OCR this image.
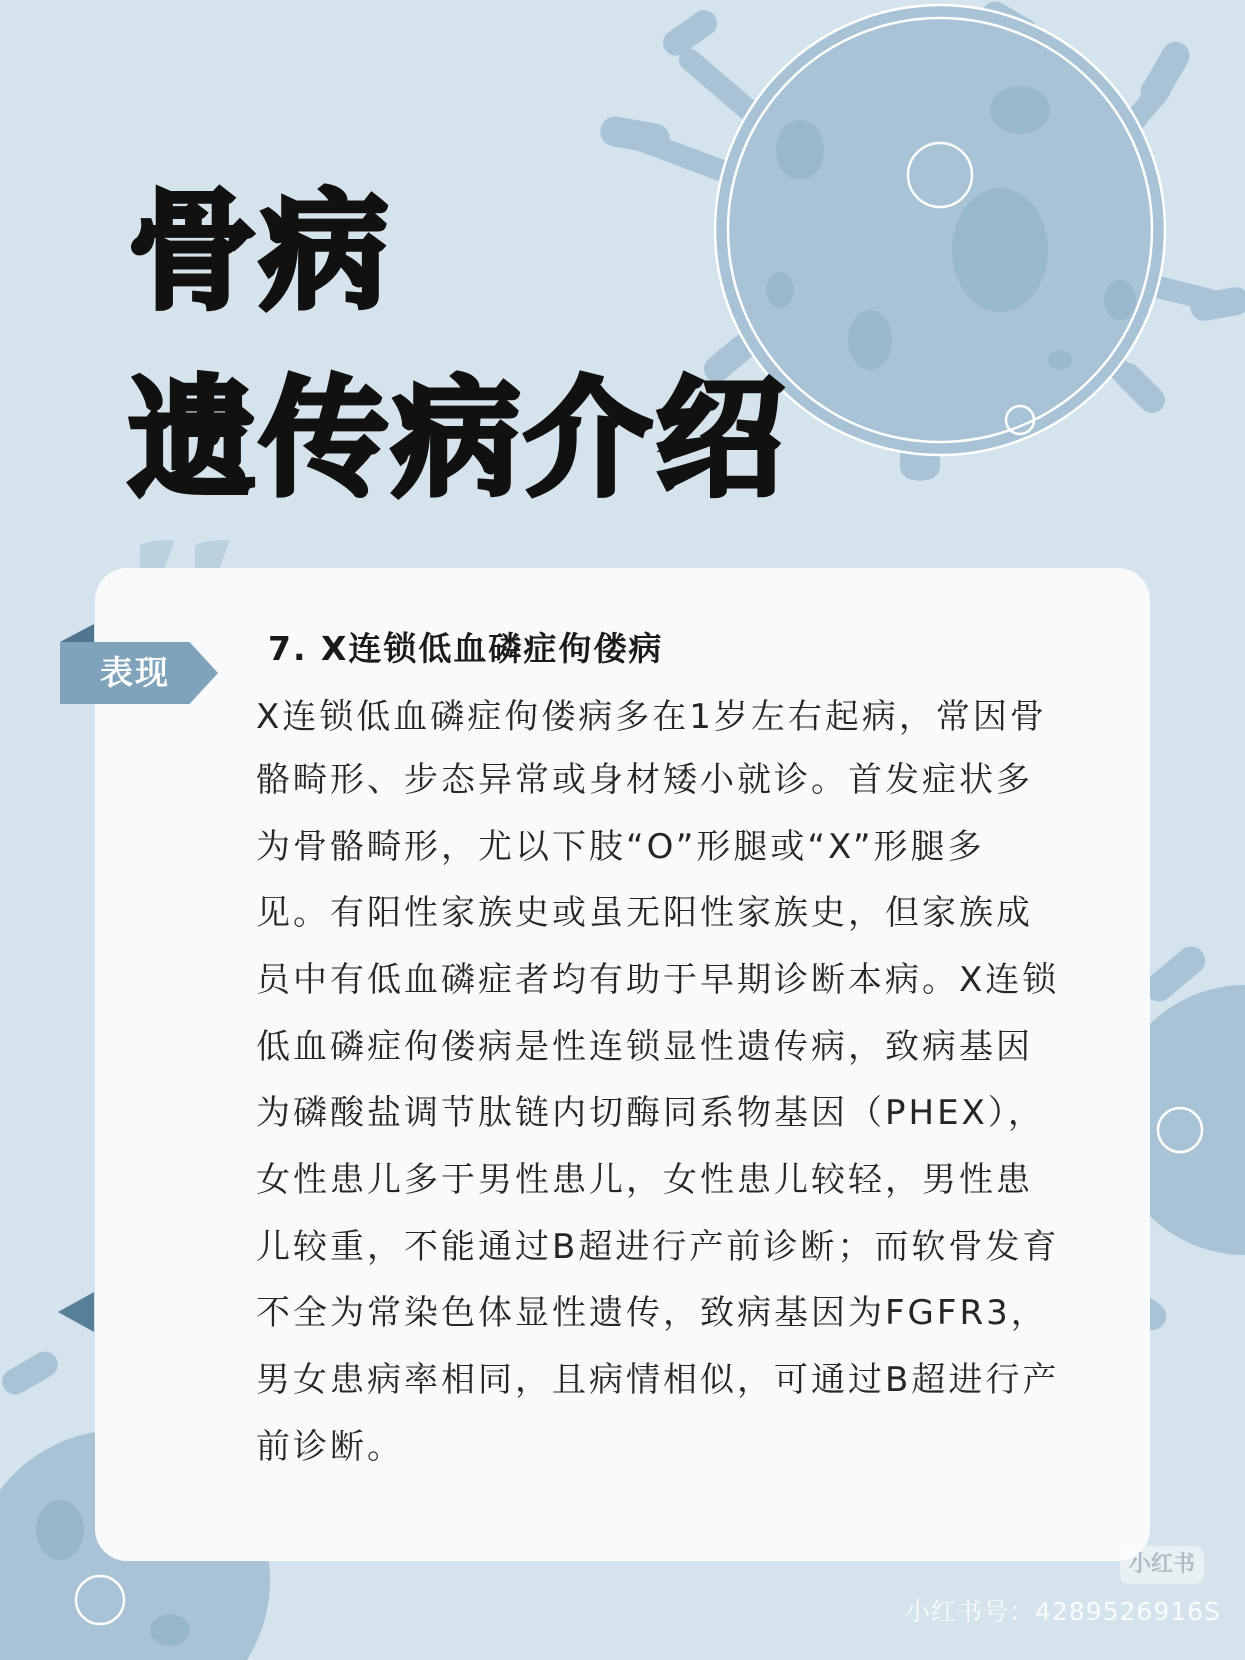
骨病
遗传病介绍
表现
7. X连锁低血磷症佝偻病

X连锁低血磷症佝偻病多在1岁左右起病，常因骨

骼畸形、步态异常或身材矮小就诊。首发症状多

为骨骼畸形，尤以下肢“O”形腿或“X”形腿多

见。有阳性家族史或虽无阳性家族史，但家族成

员中有低血磷症者均有助于早期诊断本病。X连锁

低血磷症佝偻病是性连锁显性遗传病，致病基因

为磷酸盐调节肽链内切酶同系物基因（PHEX），

女性患儿多于男性患儿，女性患儿较轻，男性患

儿较重，不能通过B超进行产前诊断；而软骨发育

不全为常染色体显性遗传，致病基因为FGFR3，

男女患病率相同，且病情相似，可通过B超进行产

前诊断。

小红书
小红书号：4289526916S
